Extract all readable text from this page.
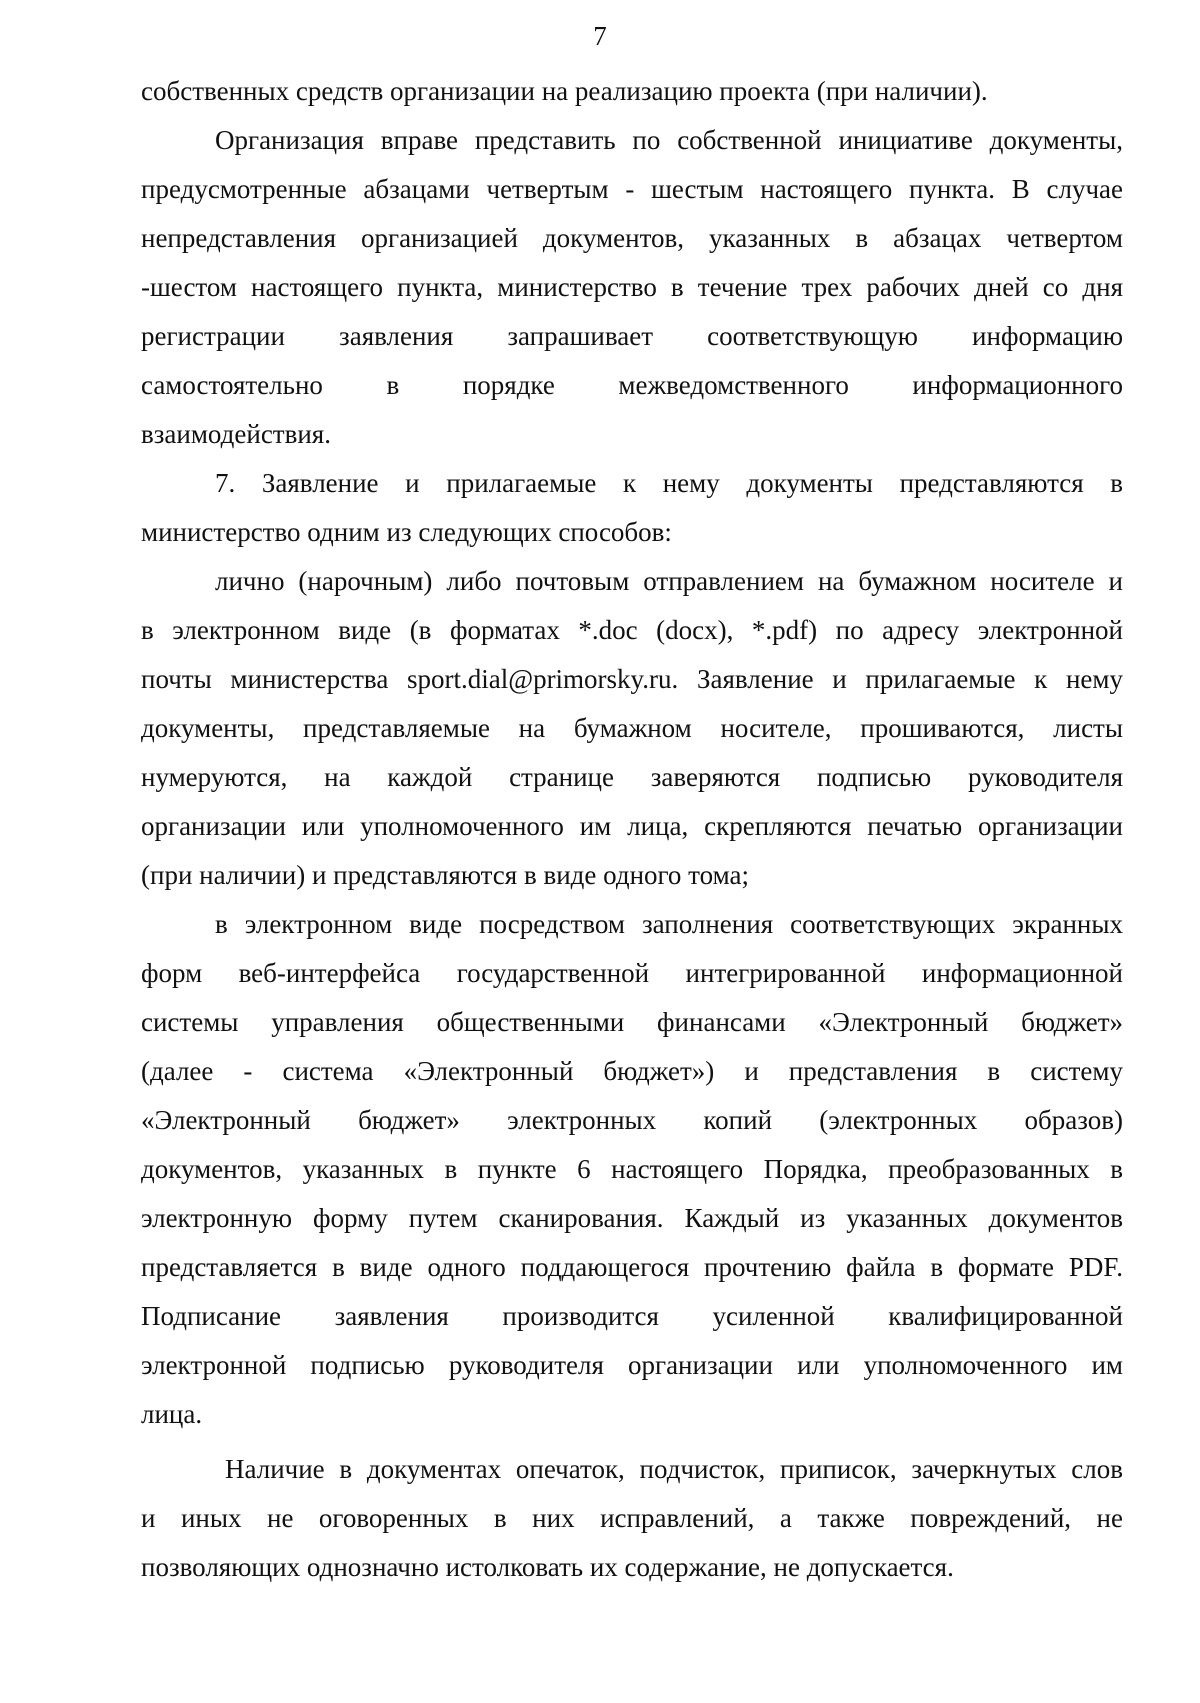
7
собственных средств организации на реализацию проекта (при наличии).
Организация вправе представить по собственной инициативе документы,
предусмотренные абзацами четвертым - шестым настоящего пункта. В случае
непредставления организацией документов, указанных в абзацах четвертом
-шестом настоящего пункта, министерство в течение трех рабочих дней со дня
регистрации заявления запрашивает соответствующую информацию
самостоятельно в порядке межведомственного информационного
взаимодействия.
7. Заявление и прилагаемые к нему документы представляются в
министерство одним из следующих способов:
лично (нарочным) либо почтовым отправлением на бумажном носителе и
в электронном виде (в форматах *.doc (docx), *.pdf) по адресу электронной
почты министерства sport.dial@primorsky.ru. Заявление и прилагаемые к нему
документы, представляемые на бумажном носителе, прошиваются, листы
нумеруются, на каждой странице заверяются подписью руководителя
организации или уполномоченного им лица, скрепляются печатью организации
(при наличии) и представляются в виде одного тома;
в электронном виде посредством заполнения соответствующих экранных
форм веб-интерфейса государственной интегрированной информационной
системы управления общественными финансами «Электронный бюджет»
(далее - система «Электронный бюджет») и представления в систему
«Электронный бюджет» электронных копий (электронных образов)
документов, указанных в пункте 6 настоящего Порядка, преобразованных в
электронную форму путем сканирования. Каждый из указанных документов
представляется в виде одного поддающегося прочтению файла в формате PDF.
Подписание заявления производится усиленной квалифицированной
электронной подписью руководителя организации или уполномоченного им
лица.
Наличие в документах опечаток, подчисток, приписок, зачеркнутых слов
и иных не оговоренных в них исправлений, а также повреждений, не
позволяющих однозначно истолковать их содержание, не допускается.
